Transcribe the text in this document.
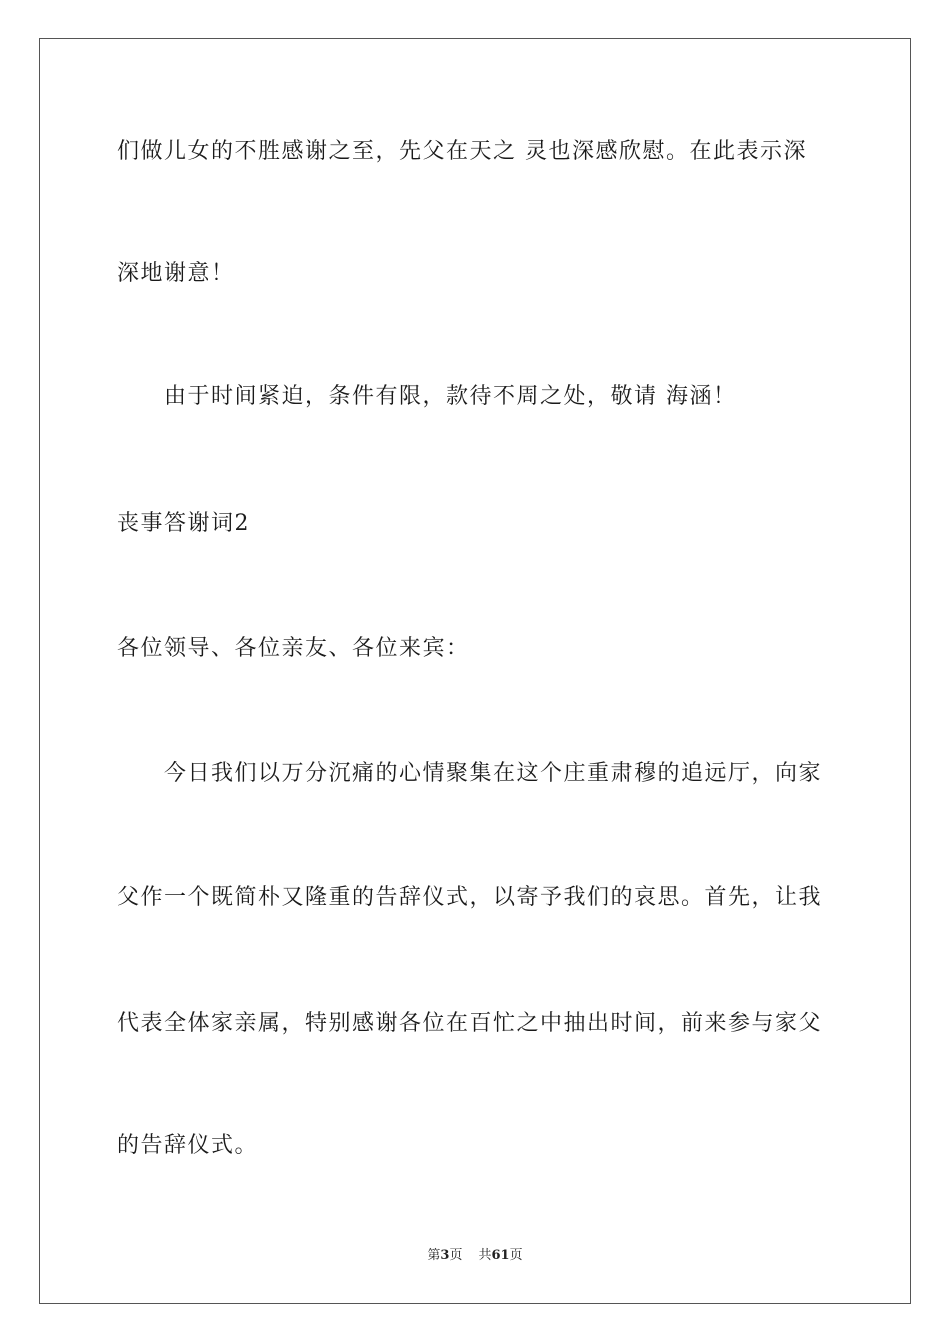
们做儿女的不胜感谢之至，先父在天之 灵也深感欣慰。在此表示深
深地谢意！
由于时间紧迫，条件有限，款待不周之处，敬请 海涵！
丧事答谢词2
各位领导、各位亲友、各位来宾：
今日我们以万分沉痛的心情聚集在这个庄重肃穆的追远厅，向家
父作一个既简朴又隆重的告辞仪式，以寄予我们的哀思。首先，让我
代表全体家亲属，特别感谢各位在百忙之中抽出时间，前来参与家父
的告辞仪式。
第3页 共61页
